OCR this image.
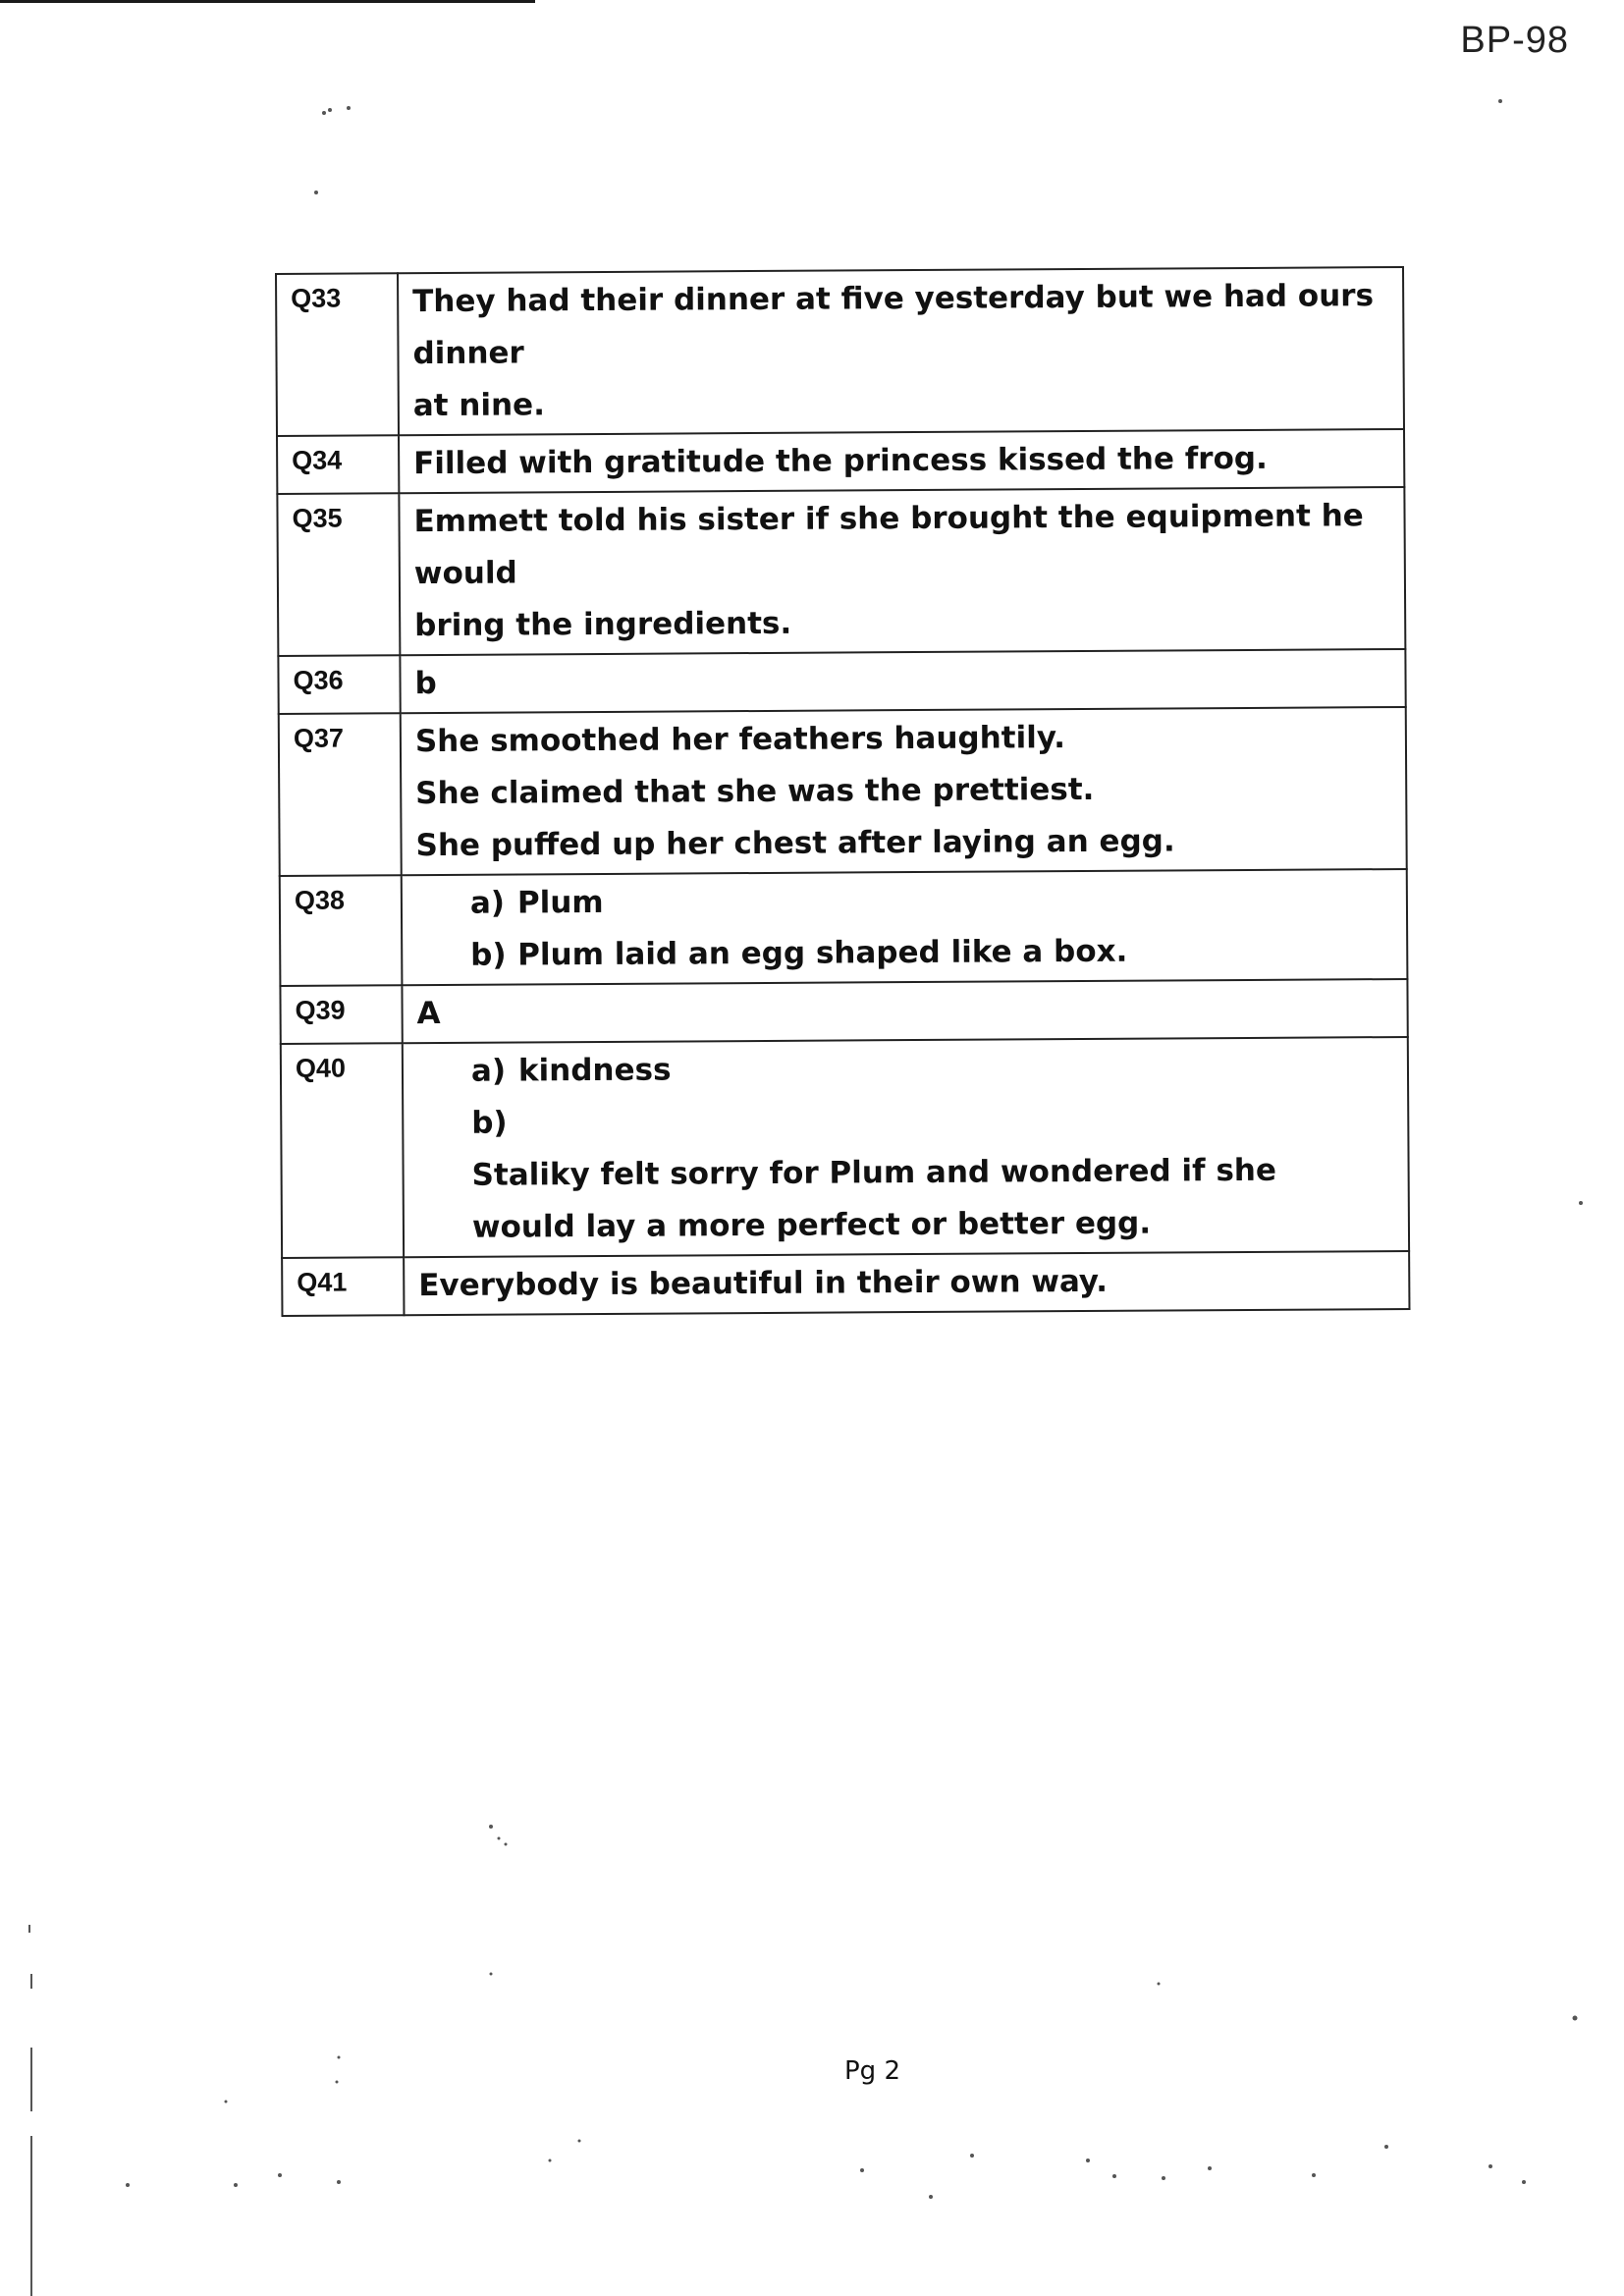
BP-98
Q33	They had their dinner at five yesterday but we had ours dinner
at nine.

Q34	Filled with gratitude the princess kissed the frog.

Q35	Emmett told his sister if she brought the equipment he would
bring the ingredients.

Q36	b

Q37	She smoothed her feathers haughtily.
She claimed that she was the prettiest.
She puffed up her chest after laying an egg.

Q38	a) Plum
b) Plum laid an egg shaped like a box.

Q39	A

Q40	a) kindness
b)Staliky felt sorry for Plum and wondered if she would lay a more perfect or better egg.

Q41	Everybody is beautiful in their own way.
Pg 2
